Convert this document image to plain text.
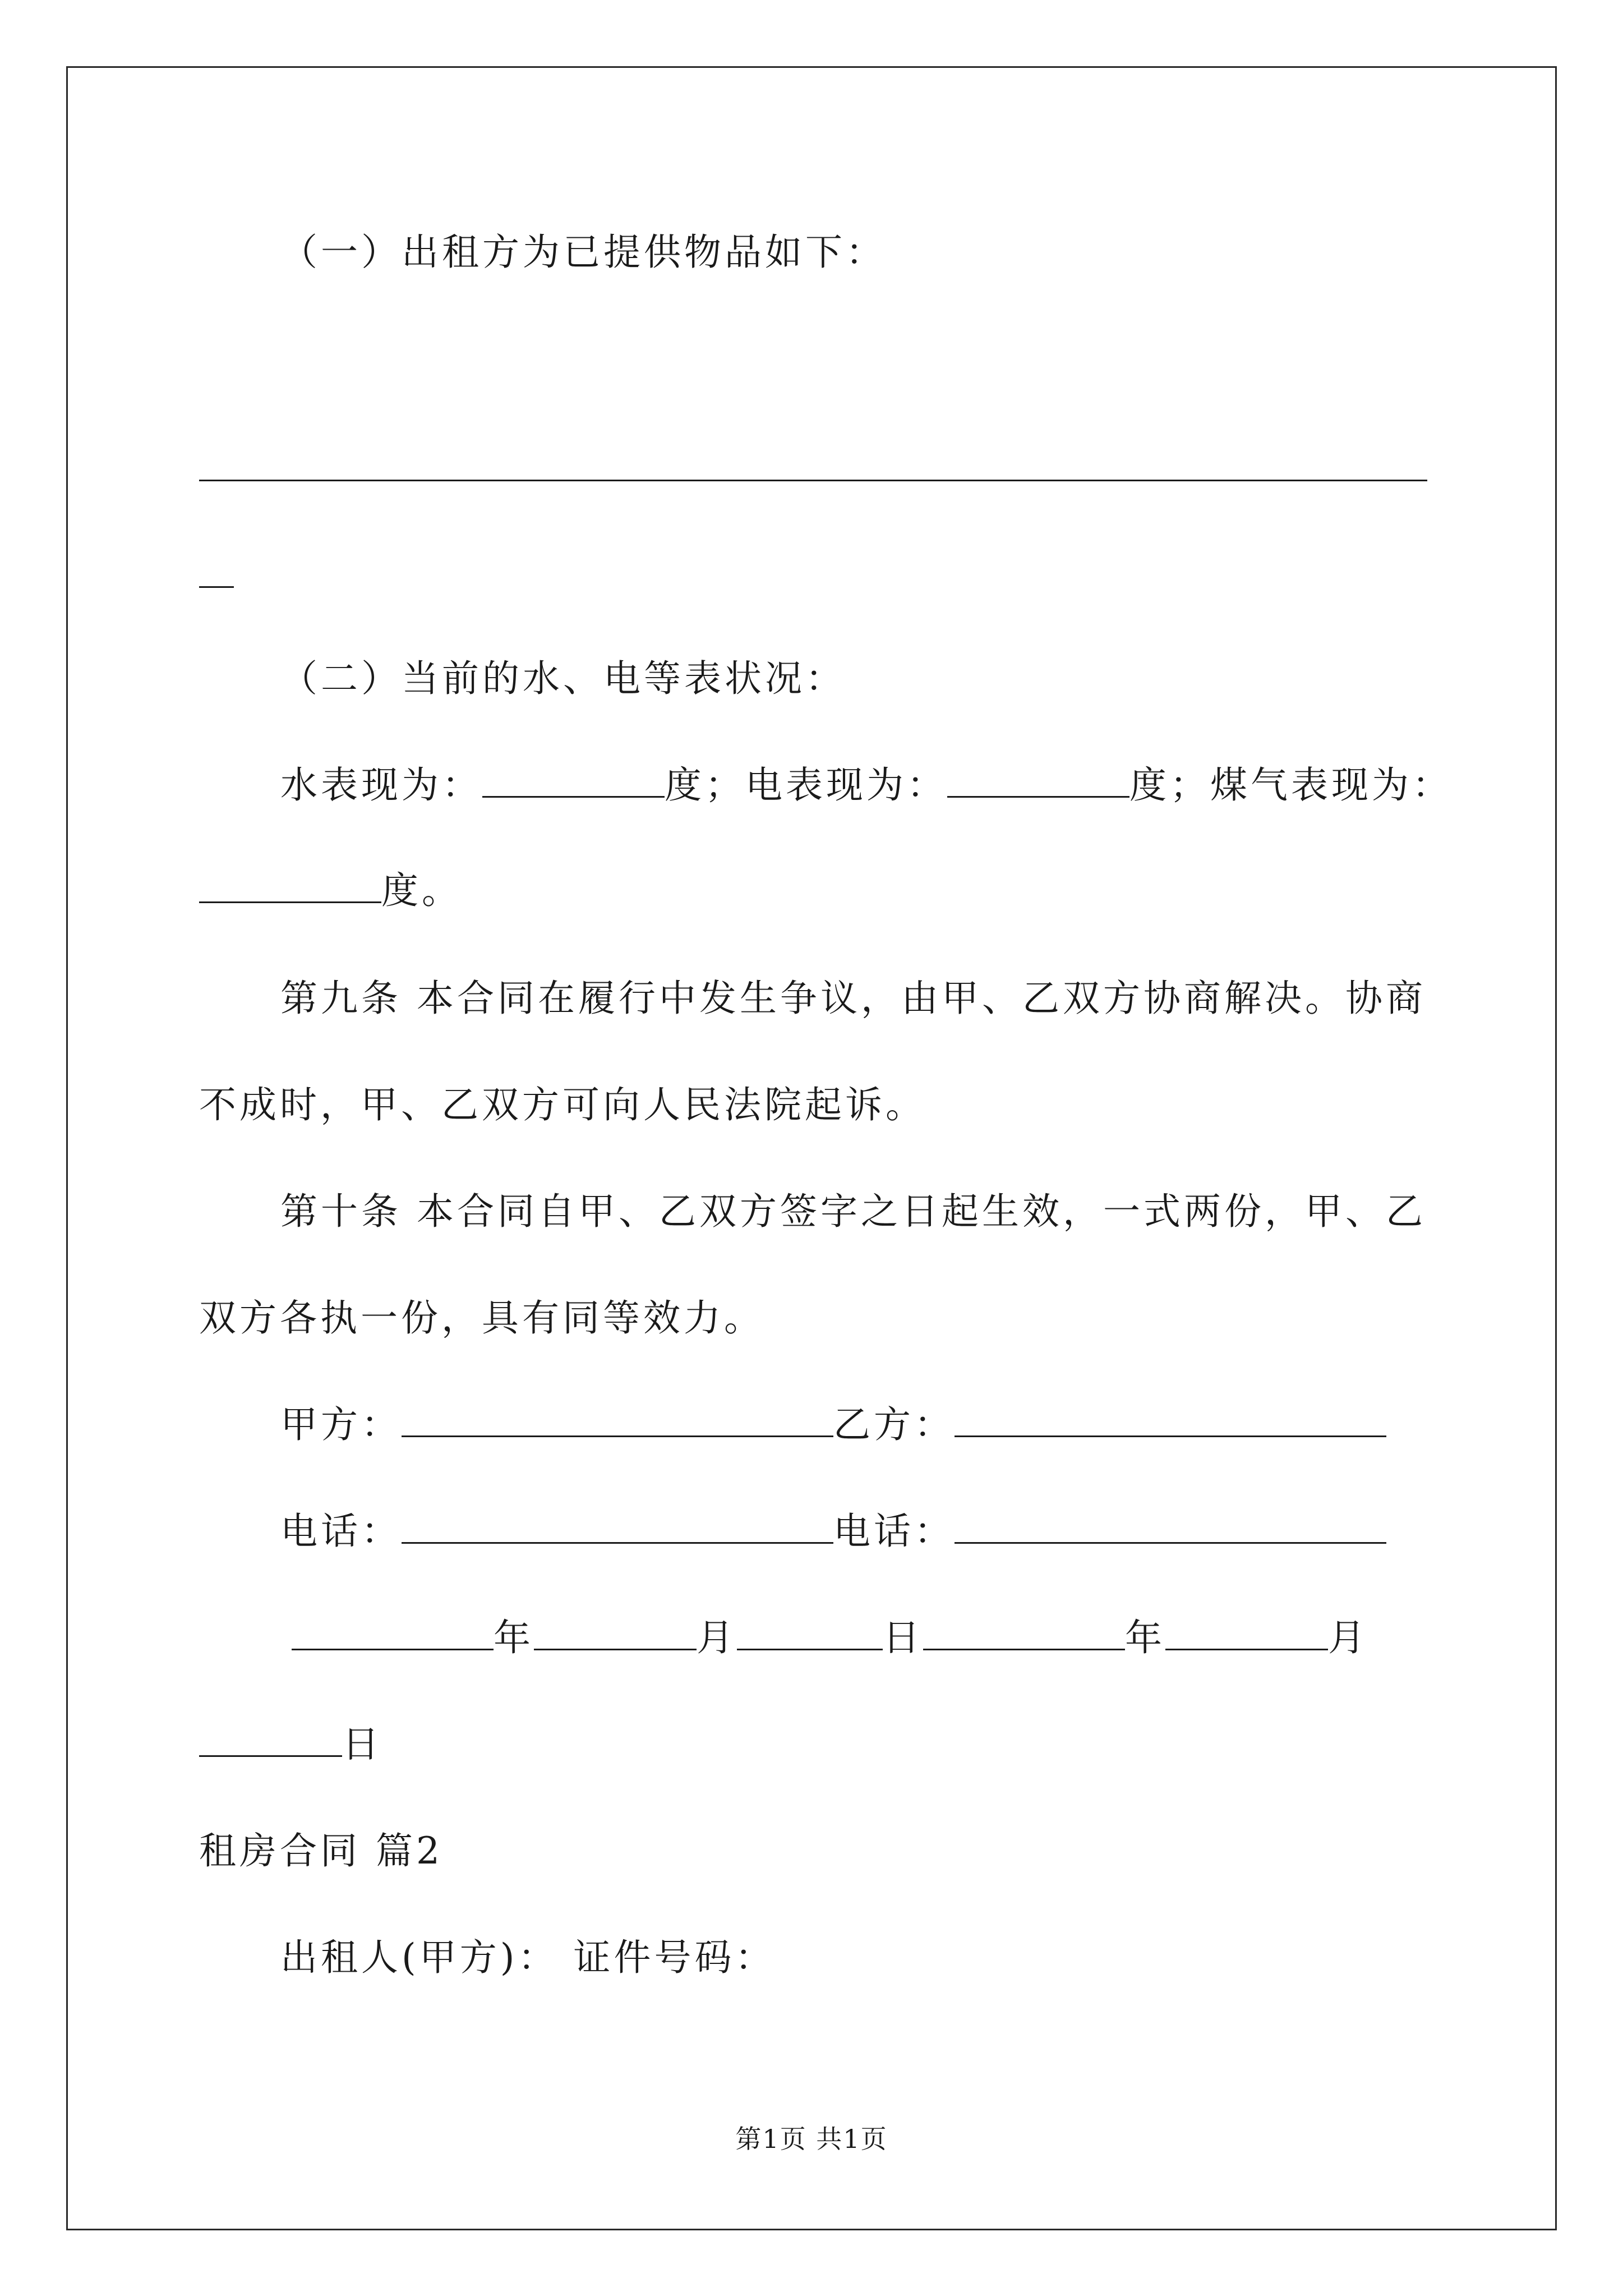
（一）出租方为已提供物品如下：
（二）当前的水、电等表状况：
水表现为：	度；电表现为：	度；煤气表现为：
度。
第九条 本合同在履行中发生争议，由甲、乙双方协商解决。协商
不成时，甲、乙双方可向人民法院起诉。
第十条 本合同自甲、乙双方签字之日起生效，一式两份，甲、乙
双方各执一份，具有同等效力。
甲方：	乙方：
电话：	电话：
年	月	日	年	月
日
租房合同 篇2
出租人(甲方)： 证件号码：
第1页 共1页
